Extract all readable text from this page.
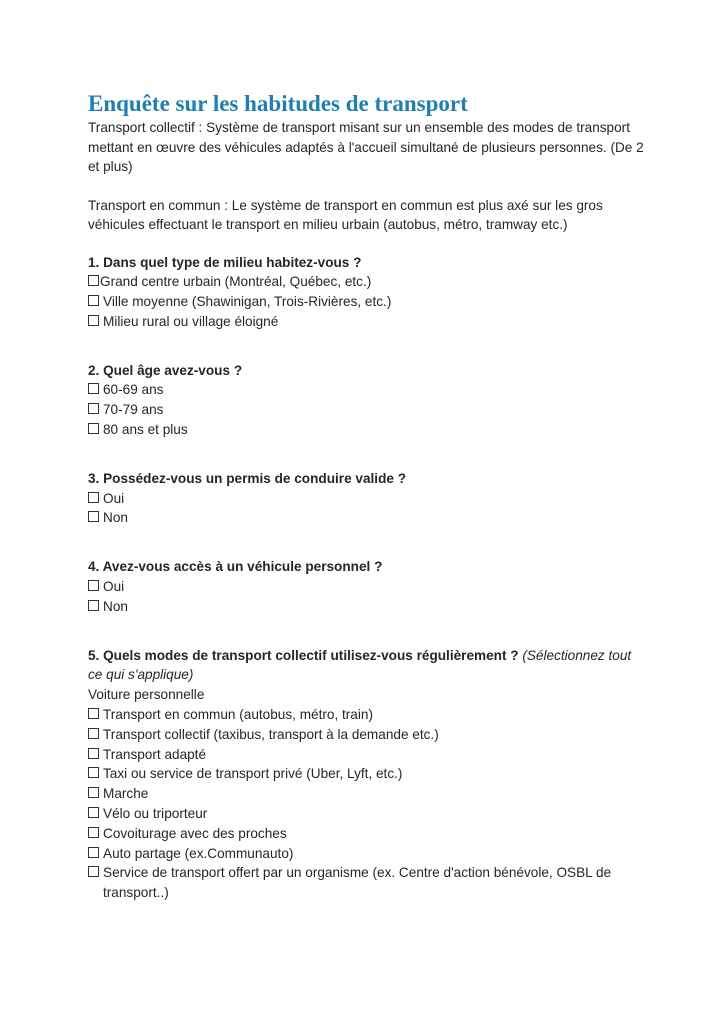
Enquête sur les habitudes de transport

Transport collectif : Système de transport misant sur un ensemble des modes de transport mettant en œuvre des véhicules adaptés à l'accueil simultané de plusieurs personnes. (De 2 et plus)

Transport en commun : Le système de transport en commun est plus axé sur les gros véhicules effectuant le transport en milieu urbain (autobus, métro, tramway etc.)

1. Dans quel type de milieu habitez-vous ?

Grand centre urbain (Montréal, Québec, etc.)

Ville moyenne (Shawinigan, Trois-Rivières, etc.)

Milieu rural ou village éloigné

2. Quel âge avez-vous ?

60-69 ans

70-79 ans

80 ans et plus

3. Possédez-vous un permis de conduire valide ?

Oui

Non

4. Avez-vous accès à un véhicule personnel ?

Oui

Non

5. Quels modes de transport collectif utilisez-vous régulièrement ? (Sélectionnez tout ce qui s'applique)

Voiture personnelle

Transport en commun (autobus, métro, train)

Transport collectif (taxibus, transport à la demande etc.)

Transport adapté

Taxi ou service de transport privé (Uber, Lyft, etc.)

Marche

Vélo ou triporteur

Covoiturage avec des proches

Auto partage (ex.Communauto)

Service de transport offert par un organisme (ex. Centre d'action bénévole, OSBL de transport..)
